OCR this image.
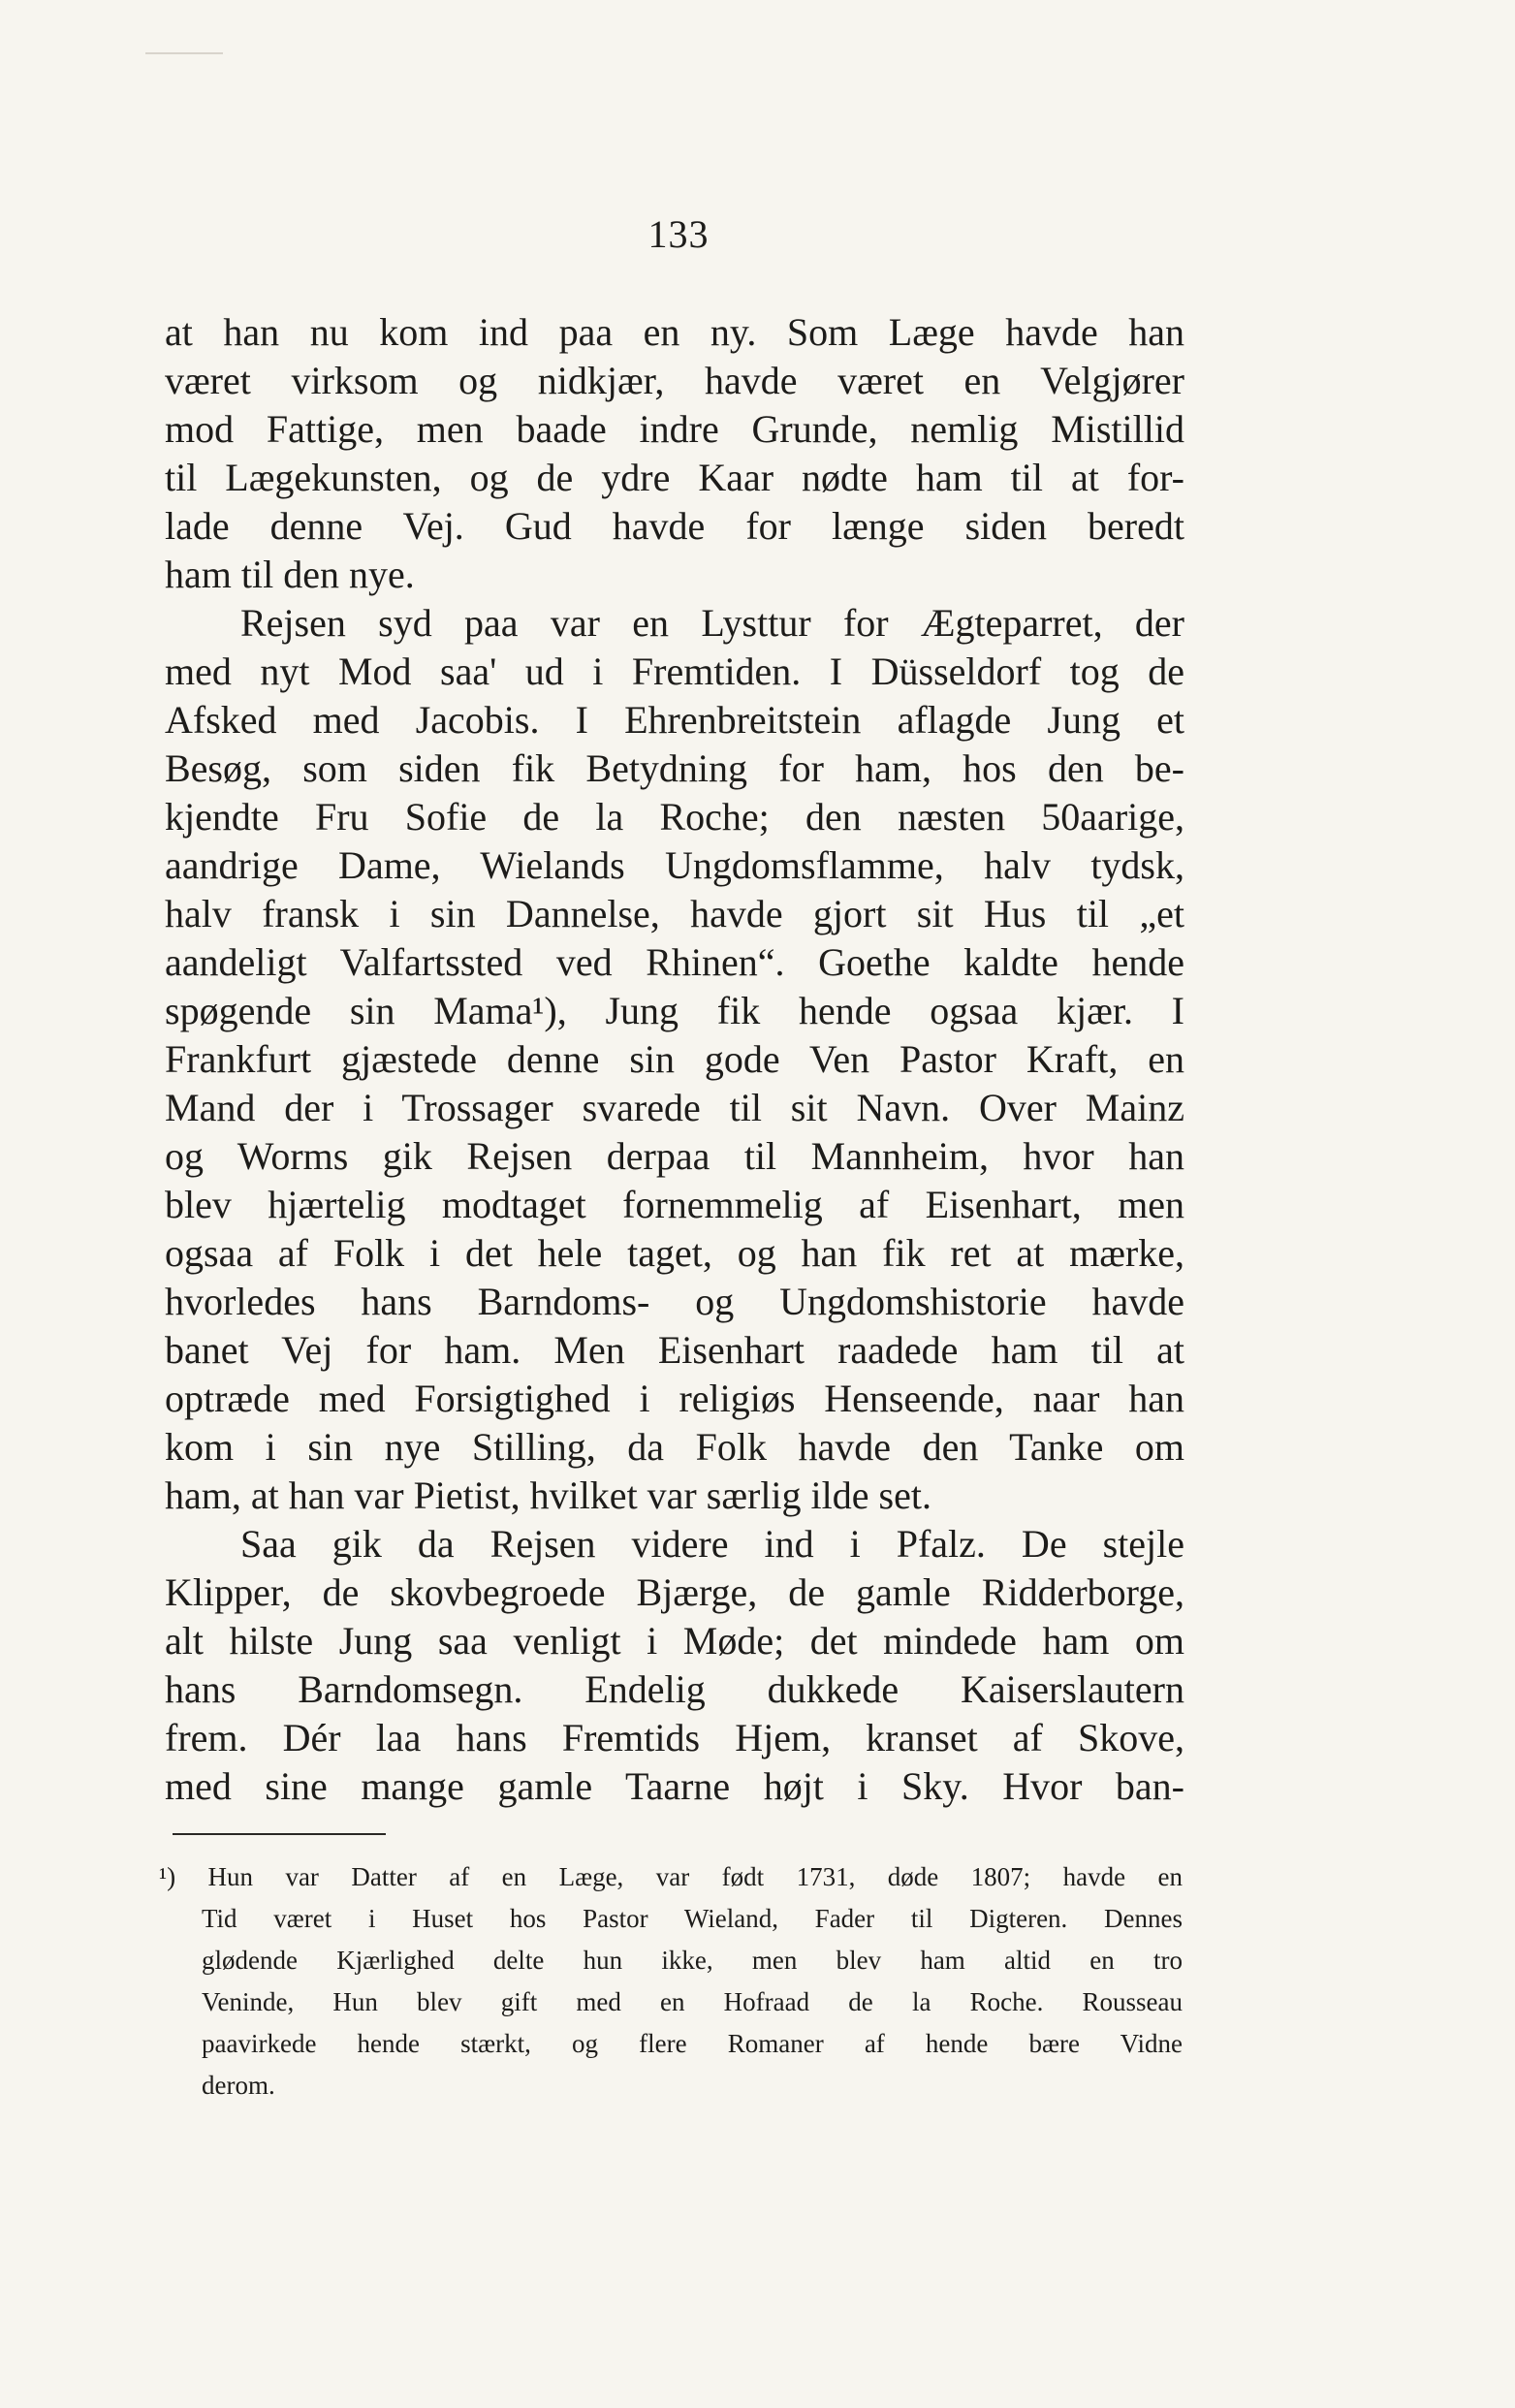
133
at han nu kom ind paa en ny. Som Læge havde han
været virksom og nidkjær, havde været en Velgjører
mod Fattige, men baade indre Grunde, nemlig Mistillid
til Lægekunsten, og de ydre Kaar nødte ham til at for-
lade denne Vej. Gud havde for længe siden beredt
ham til den nye.
Rejsen syd paa var en Lysttur for Ægteparret, der
med nyt Mod saa' ud i Fremtiden. I Düsseldorf tog de
Afsked med Jacobis. I Ehrenbreitstein aflagde Jung et
Besøg, som siden fik Betydning for ham, hos den be-
kjendte Fru Sofie de la Roche; den næsten 50aarige,
aandrige Dame, Wielands Ungdomsflamme, halv tydsk,
halv fransk i sin Dannelse, havde gjort sit Hus til „et
aandeligt Valfartssted ved Rhinen“. Goethe kaldte hende
spøgende sin Mama¹), Jung fik hende ogsaa kjær. I
Frankfurt gjæstede denne sin gode Ven Pastor Kraft, en
Mand der i Trossager svarede til sit Navn. Over Mainz
og Worms gik Rejsen derpaa til Mannheim, hvor han
blev hjærtelig modtaget fornemmelig af Eisenhart, men
ogsaa af Folk i det hele taget, og han fik ret at mærke,
hvorledes hans Barndoms- og Ungdomshistorie havde
banet Vej for ham. Men Eisenhart raadede ham til at
optræde med Forsigtighed i religiøs Henseende, naar han
kom i sin nye Stilling, da Folk havde den Tanke om
ham, at han var Pietist, hvilket var særlig ilde set.
Saa gik da Rejsen videre ind i Pfalz. De stejle
Klipper, de skovbegroede Bjærge, de gamle Ridderborge,
alt hilste Jung saa venligt i Møde; det mindede ham om
hans Barndomsegn. Endelig dukkede Kaiserslautern
frem. Dér laa hans Fremtids Hjem, kranset af Skove,
med sine mange gamle Taarne højt i Sky. Hvor ban-
¹) Hun var Datter af en Læge, var født 1731, døde 1807; havde en
Tid været i Huset hos Pastor Wieland, Fader til Digteren. Dennes
glødende Kjærlighed delte hun ikke, men blev ham altid en tro
Veninde, Hun blev gift med en Hofraad de la Roche. Rousseau
paavirkede hende stærkt, og flere Romaner af hende bære Vidne
derom.
